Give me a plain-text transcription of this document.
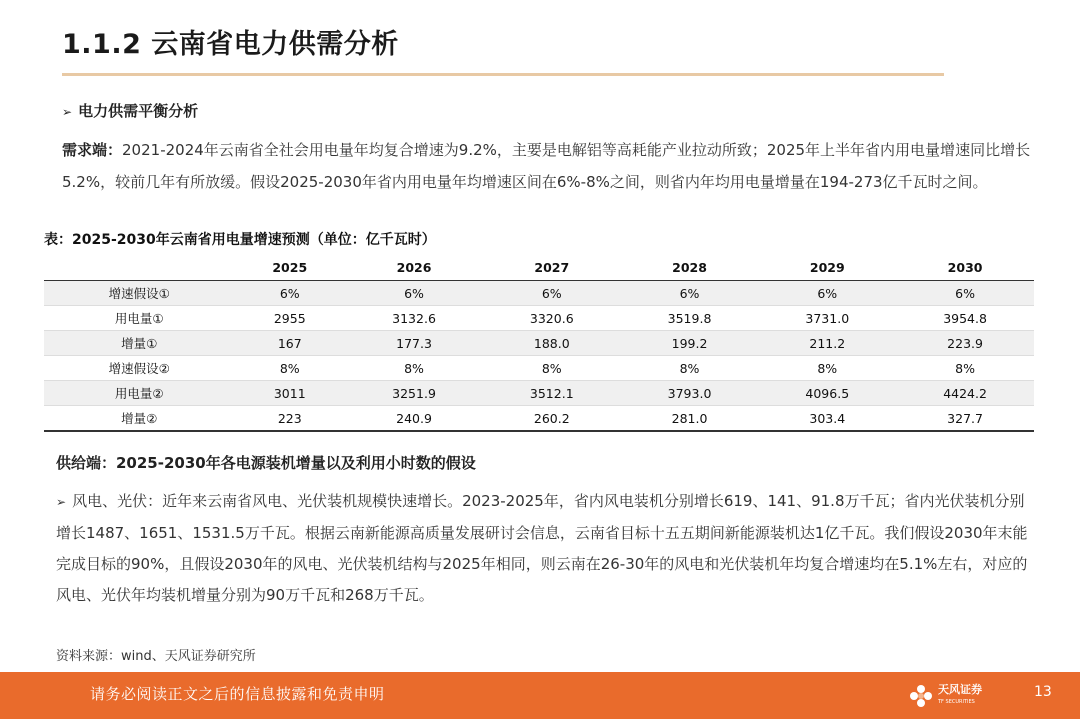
1.1.2 云南省电力供需分析
➢ 电力供需平衡分析
需求端：2021-2024年云南省全社会用电量年均复合增速为9.2%，主要是电解铝等高耗能产业拉动所致；2025年上半年省内用电量增速同比增长5.2%，较前几年有所放缓。假设2025-2030年省内用电量年均增速区间在6%-8%之间，则省内年均用电量增量在194-273亿千瓦时之间。
表：2025-2030年云南省用电量增速预测（单位：亿千瓦时）
	2025	2026	2027	2028	2029	2030
增速假设①	6%	6%	6%	6%	6%	6%
用电量①	2955	3132.6	3320.6	3519.8	3731.0	3954.8
增量①	167	177.3	188.0	199.2	211.2	223.9
增速假设②	8%	8%	8%	8%	8%	8%
用电量②	3011	3251.9	3512.1	3793.0	4096.5	4424.2
增量②	223	240.9	260.2	281.0	303.4	327.7
供给端：2025-2030年各电源装机增量以及利用小时数的假设
➢ 风电、光伏：近年来云南省风电、光伏装机规模快速增长。2023-2025年，省内风电装机分别增长619、141、91.8万千瓦；省内光伏装机分别增长1487、1651、1531.5万千瓦。根据云南新能源高质量发展研讨会信息，云南省目标十五五期间新能源装机达1亿千瓦。我们假设2030年末能完成目标的90%，且假设2030年的风电、光伏装机结构与2025年相同，则云南在26-30年的风电和光伏装机年均复合增速均在5.1%左右，对应的风电、光伏年均装机增量分别为90万千瓦和268万千瓦。
资料来源：wind、天风证券研究所
请务必阅读正文之后的信息披露和免责申明	天风证券
TF SECURITIES
13
